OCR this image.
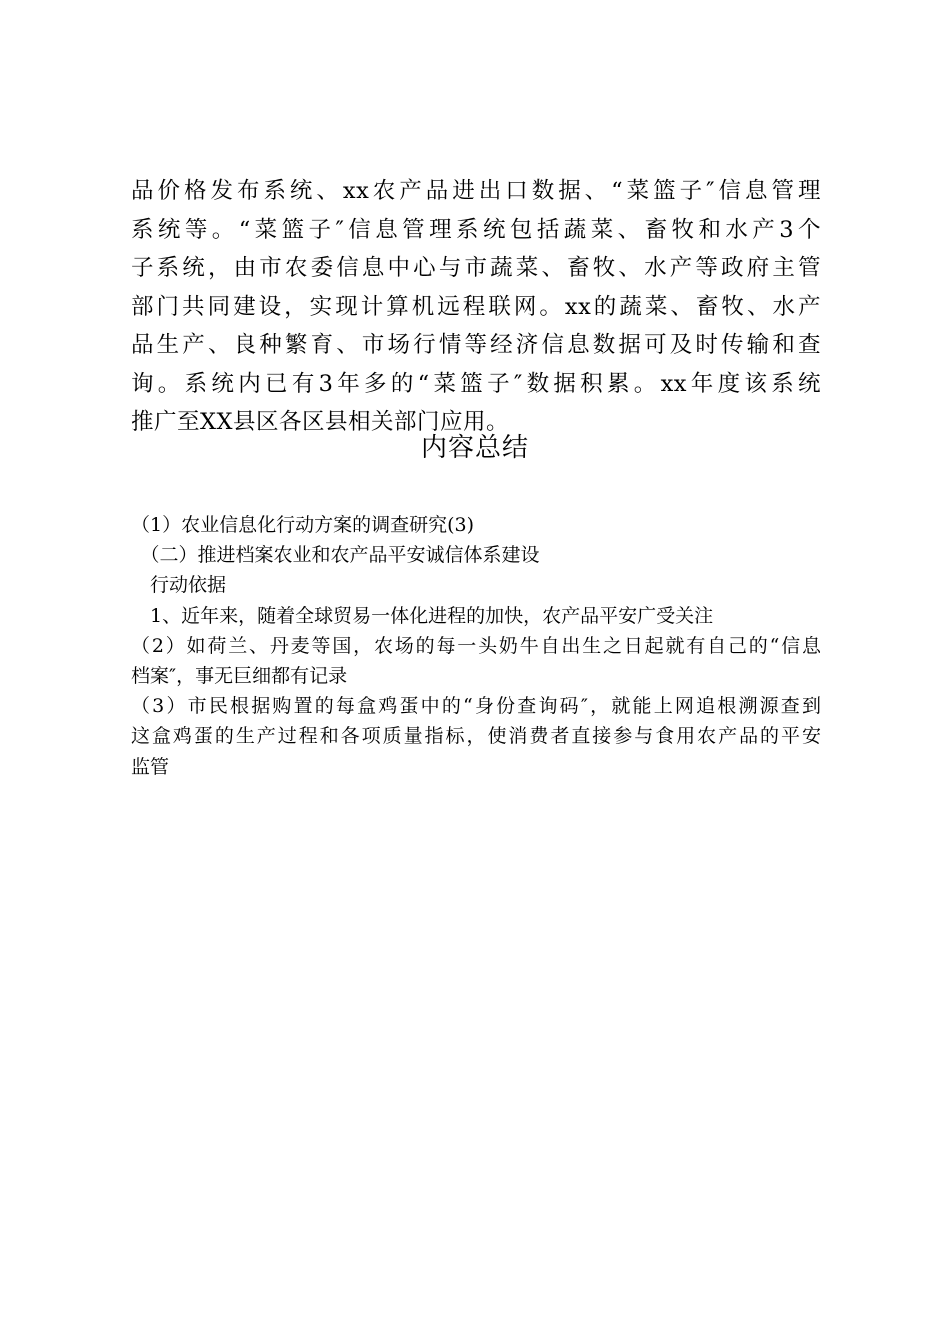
品价格发布系统、xx农产品进出口数据、“菜篮子″信息管理
系统等。“菜篮子″信息管理系统包括蔬菜、畜牧和水产3个
子系统，由市农委信息中心与市蔬菜、畜牧、水产等政府主管
部门共同建设，实现计算机远程联网。xx的蔬菜、畜牧、水产
品生产、良种繁育、市场行情等经济信息数据可及时传输和查
询。系统内已有3年多的“菜篮子″数据积累。xx年度该系统
推广至XX县区各区县相关部门应用。
内容总结
（1）农业信息化行动方案的调查研究(3)
　（二）推进档案农业和农产品平安诚信体系建设
　行动依据
　1、近年来，随着全球贸易一体化进程的加快，农产品平安广受关注
（2）如荷兰、丹麦等国，农场的每一头奶牛自出生之日起就有自己的“信息
档案″，事无巨细都有记录
（3）市民根据购置的每盒鸡蛋中的“身份查询码″，就能上网追根溯源查到
这盒鸡蛋的生产过程和各项质量指标，使消费者直接参与食用农产品的平安
监管
